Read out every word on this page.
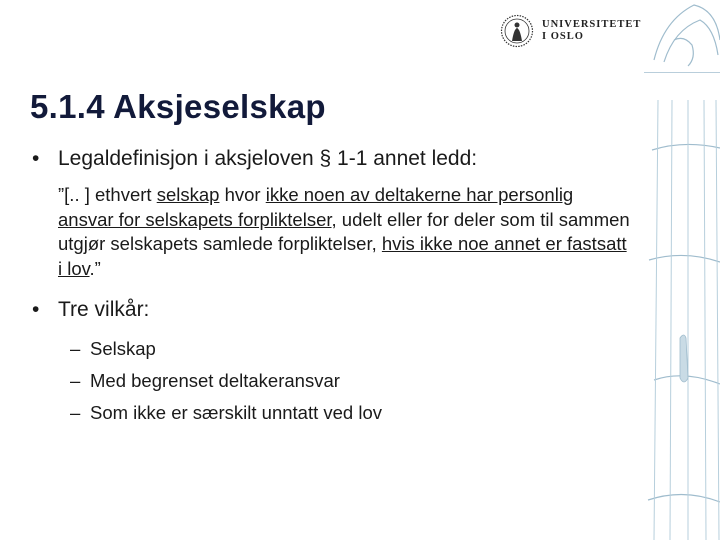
UNIVERSITETET
I OSLO
5.1.4 Aksjeselskap
• Legaldefinisjon i aksjeloven § 1-1 annet ledd:
”[.. ] ethvert selskap hvor ikke noen av deltakerne har personlig ansvar for selskapets forpliktelser, udelt eller for deler som til sammen utgjør selskapets samlede forpliktelser, hvis ikke noe annet er fastsatt i lov.”
• Tre vilkår:
– Selskap
– Med begrenset deltakeransvar
– Som ikke er særskilt unntatt ved lov
